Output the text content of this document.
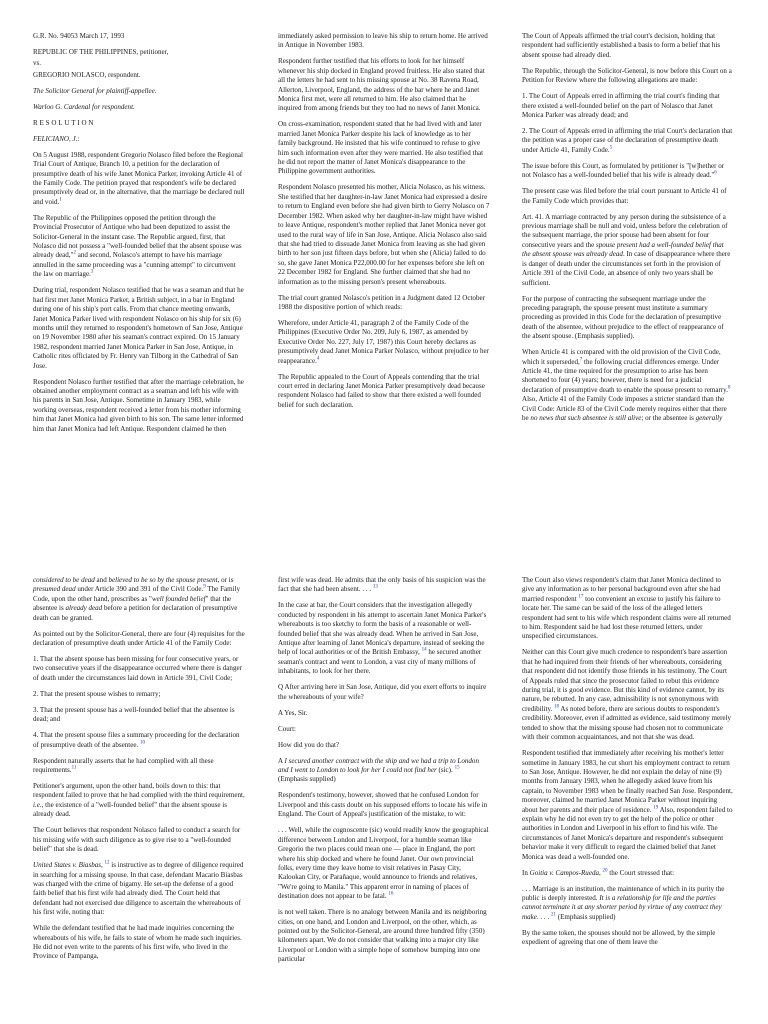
G.R. No. 94053 March 17, 1993

REPUBLIC OF THE PHILIPPINES, petitioner,

vs.

GREGORIO NOLASCO, respondent.

The Solicitor General for plaintiff-appellee.

Warloo G. Cardenal for respondent.

RESOLUTION

FELICIANO, J.:

On 5 August 1988, respondent Gregorio Nolasco filed before the Regional Trial Court of Antique, Branch 10, a petition for the declaration of presumptive death of his wife Janet Monica Parker, invoking Article 41 of the Family Code. The petition prayed that respondent's wife be declared presumptively dead or, in the alternative, that the marriage be declared null and void.$^1$

The Republic of the Philippines opposed the petition through the Provincial Prosecutor of Antique who had been deputized to assist the Solicitor-General in the instant case. The Republic argued, first, that Nolasco did not possess a "well-founded belief that the absent spouse was already dead,"$^2$ and second, Nolasco's attempt to have his marriage annulled in the same proceeding was a "cunning attempt" to circumvent the law on marriage.$^3$

During trial, respondent Nolasco testified that he was a seaman and that he had first met Janet Monica Parker, a British subject, in a bar in England during one of his ship's port calls. From that chance meeting onwards, Janet Monica Parker lived with respondent Nolasco on his ship for six (6) months until they returned to respondent's hometown of San Jose, Antique on 19 November 1980 after his seaman's contract expired. On 15 January 1982, respondent married Janet Monica Parker in San Jose, Antique, in Catholic rites officiated by Fr. Henry van Tilborg in the Cathedral of San Jose.

Respondent Nolasco further testified that after the marriage celebration, he obtained another employment contract as a seaman and left his wife with his parents in San Jose, Antique. Sometime in January 1983, while working overseas, respondent received a letter from his mother informing him that Janet Monica had given birth to his son. The same letter informed him that Janet Monica had left Antique. Respondent claimed he then

immediately asked permission to leave his ship to return home. He arrived in Antique in November 1983.

Respondent further testified that his efforts to look for her himself whenever his ship docked in England proved fruitless. He also stated that all the letters he had sent to his missing spouse at No. 38 Ravena Road, Allerton, Liverpool, England, the address of the bar where he and Janet Monica first met, were all returned to him. He also claimed that he inquired from among friends but they too had no news of Janet Monica.

On cross-examination, respondent stated that he had lived with and later married Janet Monica Parker despite his lack of knowledge as to her family background. He insisted that his wife continued to refuse to give him such information even after they were married. He also testified that he did not report the matter of Janet Monica's disappearance to the Philippine government authorities.

Respondent Nolasco presented his mother, Alicia Nolasco, as his witness. She testified that her daughter-in-law Janet Monica had expressed a desire to return to England even before she had given birth to Gerry Nolasco on 7 December 1982. When asked why her daughter-in-law might have wished to leave Antique, respondent's mother replied that Janet Monica never got used to the rural way of life in San Jose, Antique. Alicia Nolasco also said that she had tried to dissuade Janet Monica from leaving as she had given birth to her son just fifteen days before, but when she (Alicia) failed to do so, she gave Janet Monica P22,000.00 for her expenses before she left on 22 December 1982 for England. She further claimed that she had no information as to the missing person's present whereabouts.

The trial court granted Nolasco's petition in a Judgment dated 12 October 1988 the dispositive portion of which reads:

Wherefore, under Article 41, paragraph 2 of the Family Code of the Philippines (Executive Order No. 209, July 6, 1987, as amended by Executive Order No. 227, July 17, 1987) this Court hereby declares as presumptively dead Janet Monica Parker Nolasco, without prejudice to her reappearance.$^4$

The Republic appealed to the Court of Appeals contending that the trial court erred in declaring Janet Monica Parker presumptively dead because respondent Nolasco had failed to show that there existed a well founded belief for such declaration.

The Court of Appeals affirmed the trial court's decision, holding that respondent had sufficiently established a basis to form a belief that his absent spouse had already died.

The Republic, through the Solicitor-General, is now before this Court on a Petition for Review where the following allegations are made:

1. The Court of Appeals erred in affirming the trial court's finding that there existed a well-founded belief on the part of Nolasco that Janet Monica Parker was already dead; and

2. The Court of Appeals erred in affirming the trial Court's declaration that the petition was a proper case of the declaration of presumptive death under Article 41, Family Code.$^5$

The issue before this Court, as formulated by petitioner is "[w]hether or not Nolasco has a well-founded belief that his wife is already dead."$^6$

The present case was filed before the trial court pursuant to Article 41 of the Family Code which provides that:

Art. 41. A marriage contracted by any person during the subsistence of a previous marriage shall be null and void, unless before the celebration of the subsequent marriage, the prior spouse had been absent for four consecutive years and the spouse present had a well-founded belief that the absent spouse was already dead. In case of disappearance where there is danger of death under the circumstances set forth in the provision of Article 391 of the Civil Code, an absence of only two years shall be sufficient.

For the purpose of contracting the subsequent marriage under the preceding paragraph, the spouse present must institute a summary proceeding as provided in this Code for the declaration of presumptive death of the absentee, without prejudice to the effect of reappearance of the absent spouse. (Emphasis supplied).

When Article 41 is compared with the old provision of the Civil Code, which it superseded,$^7$ the following crucial differences emerge. Under Article 41, the time required for the presumption to arise has been shortened to four (4) years; however, there is need for a judicial declaration of presumptive death to enable the spouse present to remarry.$^8$ Also, Article 41 of the Family Code imposes a stricter standard than the Civil Code: Article 83 of the Civil Code merely requires either that there be no news that such absentee is still alive; or the absentee is generally

considered to be dead and believed to be so by the spouse present, or is presumed dead under Article 390 and 391 of the Civil Code.$^9$ The Family Code, upon the other hand, prescribes as "well founded belief" that the absentee is already dead before a petition for declaration of presumptive death can be granted.

As pointed out by the Solicitor-General, there are four (4) requisites for the declaration of presumptive death under Article 41 of the Family Code:

1. That the absent spouse has been missing for four consecutive years, or two consecutive years if the disappearance occurred where there is danger of death under the circumstances laid down in Article 391, Civil Code;

2. That the present spouse wishes to remarry;

3. That the present spouse has a well-founded belief that the absentee is dead; and

4. That the present spouse files a summary proceeding for the declaration of presumptive death of the absentee. $^{10}$

Respondent naturally asserts that he had complied with all these requirements.$^{11}$

Petitioner's argument, upon the other hand, boils down to this: that respondent failed to prove that he had complied with the third requirement, i.e., the existence of a "well-founded belief" that the absent spouse is already dead.

The Court believes that respondent Nolasco failed to conduct a search for his missing wife with such diligence as to give rise to a "well-founded belief" that she is dead.

United States v. Biasbas, $^{12}$ is instructive as to degree of diligence required in searching for a missing spouse. In that case, defendant Macario Biasbas was charged with the crime of bigamy. He set-up the defense of a good faith belief that his first wife had already died. The Court held that defendant had not exercised due diligence to ascertain the whereabouts of his first wife, noting that:

While the defendant testified that he had made inquiries concerning the whereabouts of his wife, he fails to state of whom he made such inquiries. He did not even write to the parents of his first wife, who lived in the Province of Pampanga,

first wife was dead. He admits that the only basis of his suspicion was the fact that she had been absent. . . . $^{13}$

In the case at bar, the Court considers that the investigation allegedly conducted by respondent in his attempt to ascertain Janet Monica Parker's whereabouts is too sketchy to form the basis of a reasonable or well-founded belief that she was already dead. When he arrived in San Jose, Antique after learning of Janet Monica's departure, instead of seeking the help of local authorities or of the British Embassy, $^{14}$ he secured another seaman's contract and went to London, a vast city of many millions of inhabitants, to look for her there.

Q After arriving here in San Jose, Antique, did you exert efforts to inquire the whereabouts of your wife?

A Yes, Sir.

Court:

How did you do that?

A I secured another contract with the ship and we had a trip to London and I went to London to look for her I could not find her (sic). $^{15}$ (Emphasis supplied)

Respondent's testimony, however, showed that he confused London for Liverpool and this casts doubt on his supposed efforts to locate his wife in England. The Court of Appeal's justification of the mistake, to wit:

. . . Well, while the cognoscente (sic) would readily know the geographical difference between London and Liverpool, for a humble seaman like Gregorio the two places could mean one — place in England, the port where his ship docked and where he found Janet. Our own provincial folks, every time they leave home to visit relatives in Pasay City, Kalookan City, or Parañaque, would announce to friends and relatives, "We're going to Manila." This apparent error in naming of places of destination does not appear to be fatal. $^{16}$

is not well taken. There is no analogy between Manila and its neighboring cities, on one hand, and London and Liverpool, on the other, which, as pointed out by the Solicitor-General, are around three hundred fifty (350) kilometers apart. We do not consider that walking into a major city like Liverpool or London with a simple hope of somehow bumping into one particular

The Court also views respondent's claim that Janet Monica declined to give any information as to her personal background even after she had married respondent $^{17}$ too convenient an excuse to justify his failure to locate her. The same can be said of the loss of the alleged letters respondent had sent to his wife which respondent claims were all returned to him. Respondent said he had lost these returned letters, under unspecified circumstances.

Neither can this Court give much credence to respondent's bare assertion that he had inquired from their friends of her whereabouts, considering that respondent did not identify those friends in his testimony. The Court of Appeals ruled that since the prosecutor failed to rebut this evidence during trial, it is good evidence. But this kind of evidence cannot, by its nature, be rebutted. In any case, admissibility is not synonymous with credibility. $^{18}$ As noted before, there are serious doubts to respondent's credibility. Moreover, even if admitted as evidence, said testimony merely tended to show that the missing spouse had chosen not to communicate with their common acquaintances, and not that she was dead.

Respondent testified that immediately after receiving his mother's letter sometime in January 1983, he cut short his employment contract to return to San Jose, Antique. However, he did not explain the delay of nine (9) months from January 1983, when he allegedly asked leave from his captain, to November 1983 when be finally reached San Jose. Respondent, moreover, claimed he married Janet Monica Parker without inquiring about her parents and their place of residence. $^{19}$ Also, respondent failed to explain why he did not even try to get the help of the police or other authorities in London and Liverpool in his effort to find his wife. The circumstances of Janet Monica's departure and respondent's subsequent behavior make it very difficult to regard the claimed belief that Janet Monica was dead a well-founded one.

In Goitia v. Campos-Rueda, $^{20}$ the Court stressed that:

. . . Marriage is an institution, the maintenance of which in its purity the public is deeply interested. It is a relationship for life and the parties cannot terminate it at any shorter period by virtue of any contract they make. . . . $^{21}$ (Emphasis supplied)

By the same token, the spouses should not be allowed, by the simple expedient of agreeing that one of them leave the
